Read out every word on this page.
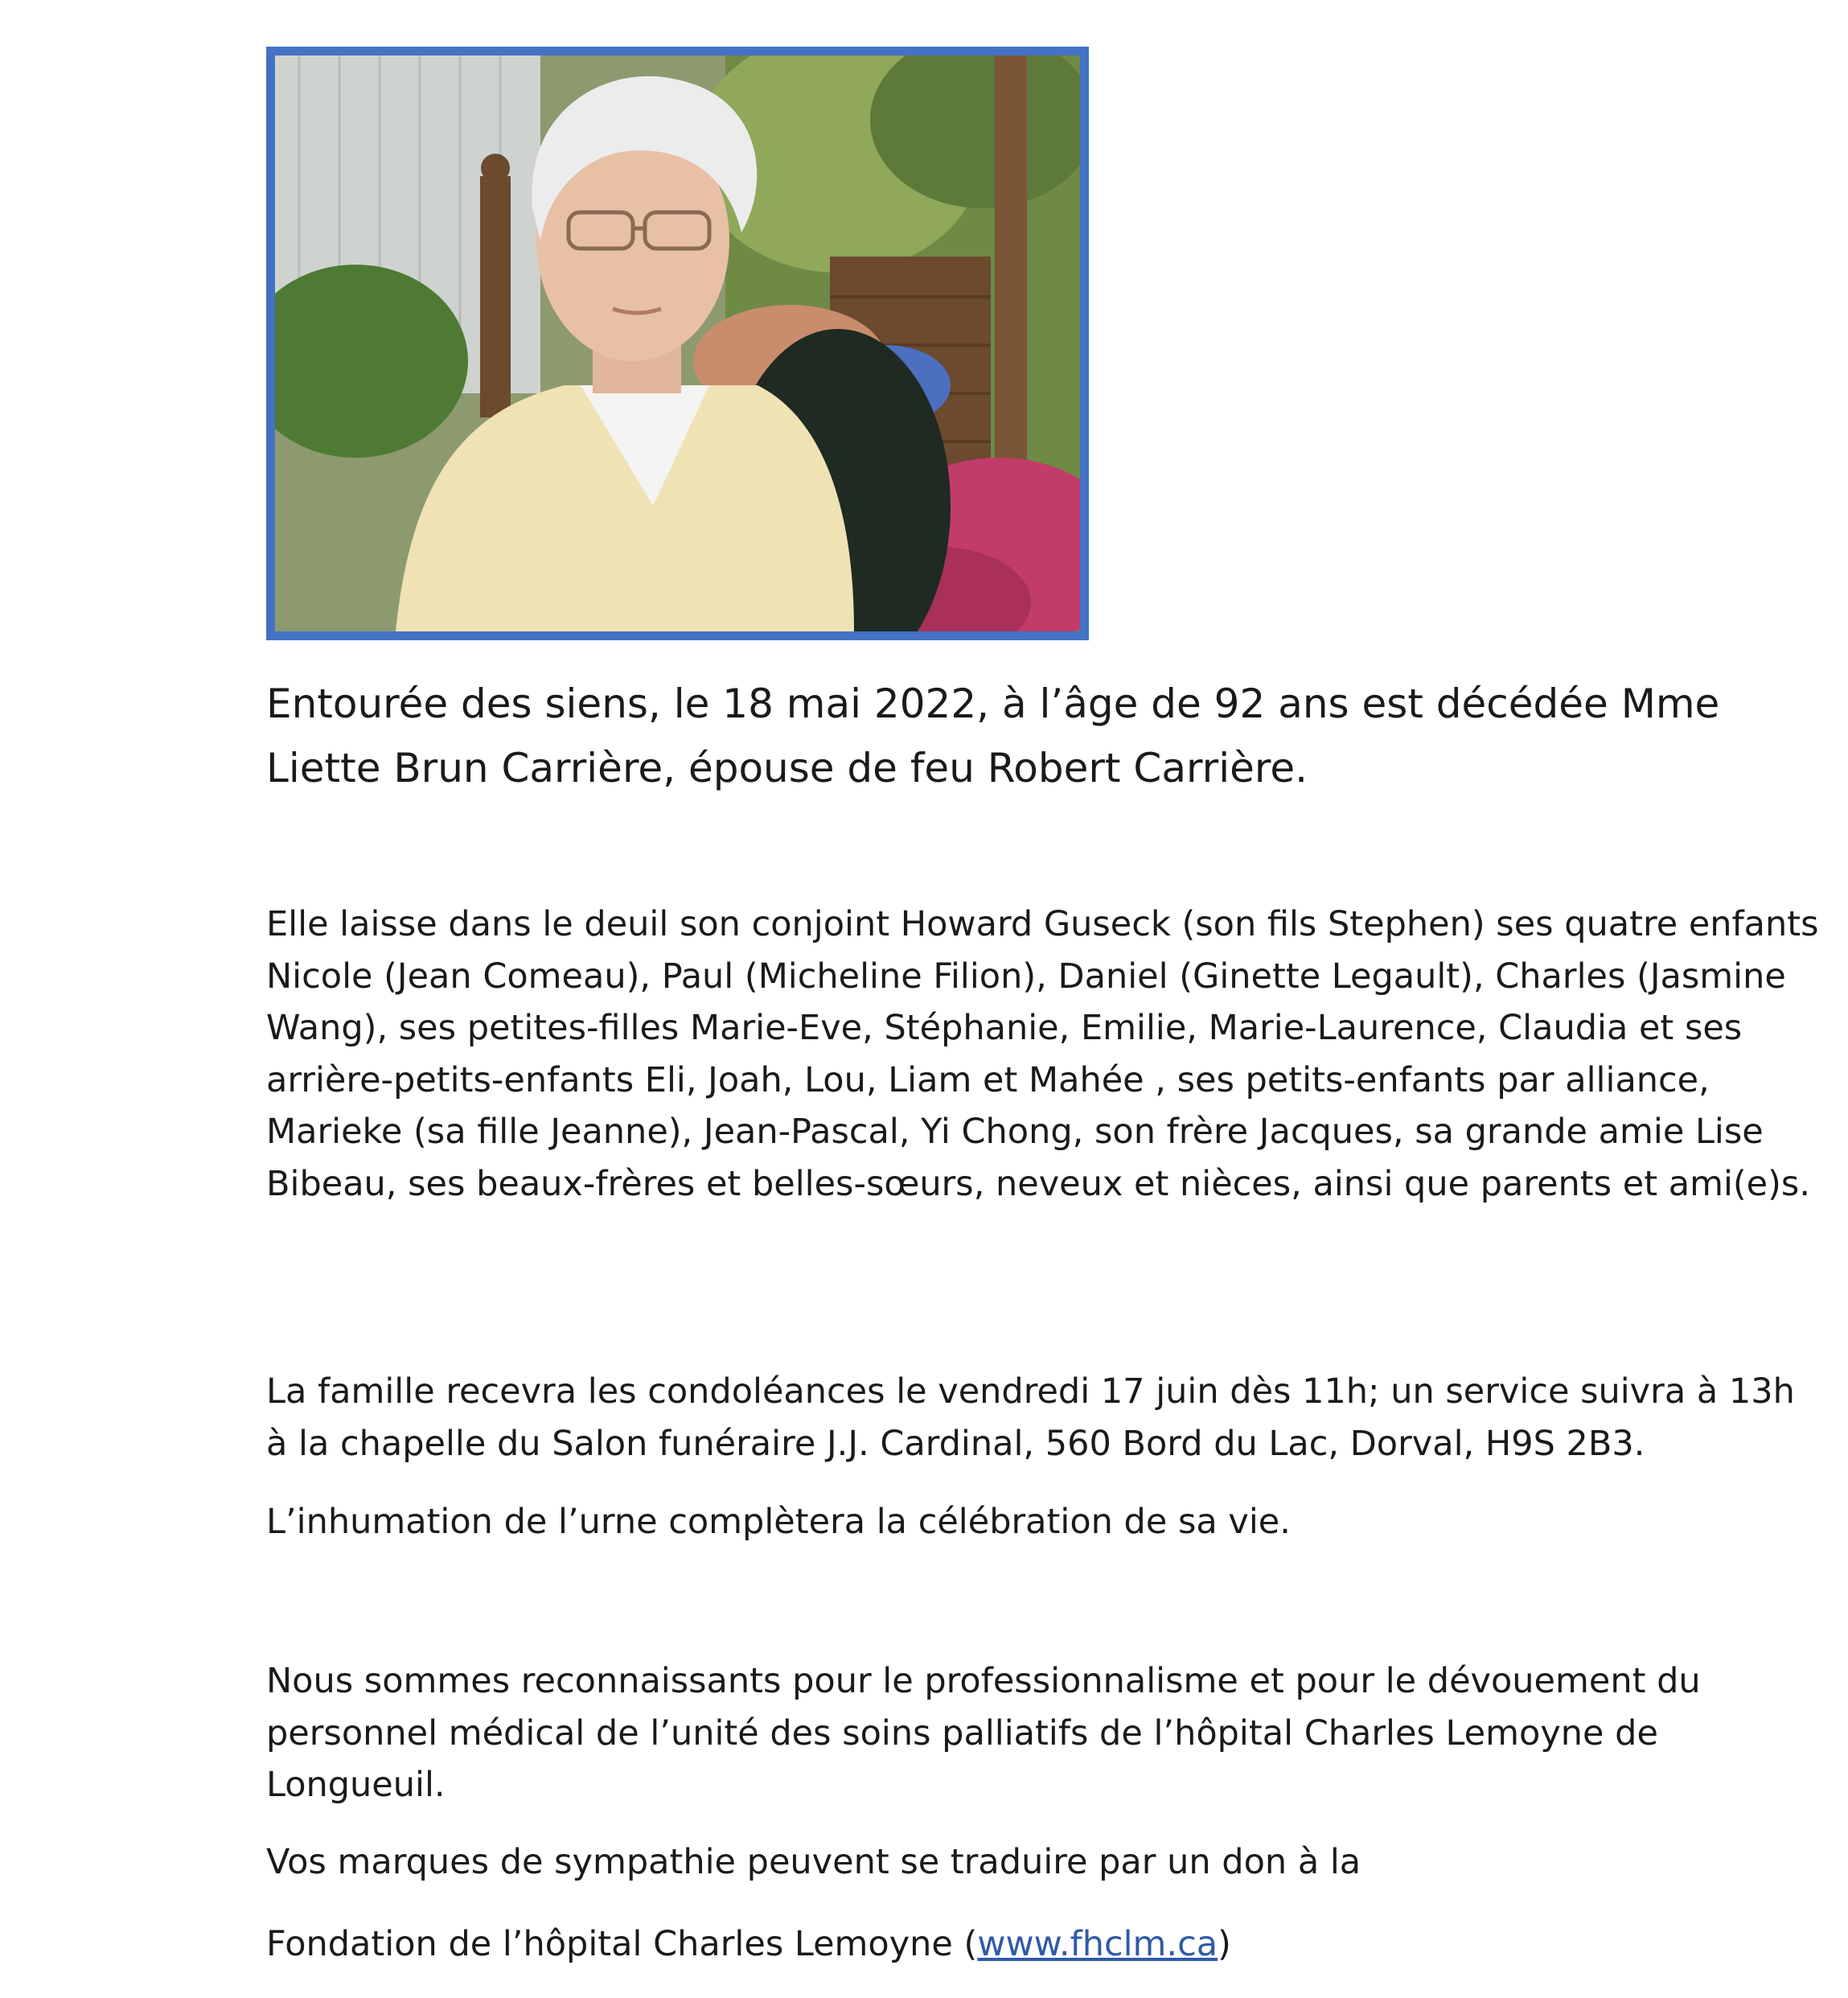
Entourée des siens, le 18 mai 2022, à l’âge de 92 ans est décédée Mme Liette Brun Carrière, épouse de feu Robert Carrière.

Elle laisse dans le deuil son conjoint Howard Guseck (son fils Stephen) ses quatre enfants Nicole (Jean Comeau), Paul (Micheline Filion), Daniel (Ginette Legault), Charles (Jasmine Wang), ses petites-filles Marie-Eve, Stéphanie, Emilie, Marie-Laurence, Claudia et ses arrière-petits-enfants Eli, Joah, Lou, Liam et Mahée , ses petits-enfants par alliance, Marieke (sa fille Jeanne), Jean-Pascal, Yi Chong, son frère Jacques, sa grande amie Lise Bibeau, ses beaux-frères et belles-sœurs, neveux et nièces, ainsi que parents et ami(e)s.

La famille recevra les condoléances le vendredi 17 juin dès 11h; un service suivra à 13h à la chapelle du Salon funéraire J.J. Cardinal, 560 Bord du Lac, Dorval, H9S 2B3.

L’inhumation de l’urne complètera la célébration de sa vie.

Nous sommes reconnaissants pour le professionnalisme et pour le dévouement du personnel médical de l’unité des soins palliatifs de l’hôpital Charles Lemoyne de Longueuil.

Vos marques de sympathie peuvent se traduire par un don à la

Fondation de l’hôpital Charles Lemoyne (www.fhclm.ca)
